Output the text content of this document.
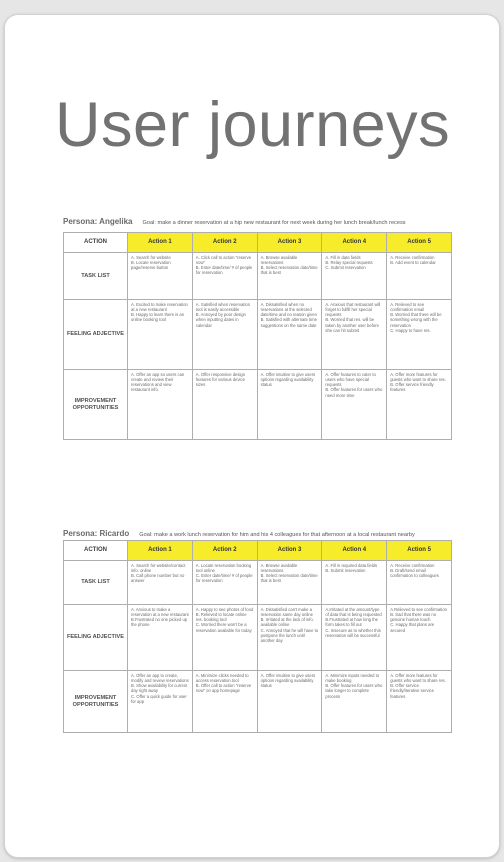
User journeys
Persona: Angelika Goal: make a dinner reservation at a hip new restaurant for next week during her lunch break/lunch recess
ACTION	Action 1	Action 2	Action 3	Action 4	Action 5
TASK LIST	A. Search for website
B. Locate reservation page/reserve button	A. Click call to action "reserve now"
B. Enter date/time/ # of people for reservation	A. Browse available reservations
B. Select reservation date/time that is best	A. Fill in data fields
B. Relay special requests
C. Submit reservation	A. Receive confirmation
B. Add event to calendar

FEELING ADJECTIVE	A. Excited to make reservation at a new restaurant
B. Happy to learn there is an online booking tool	A. Satisfied when reservation tool is easily accessible
B. Annoyed by poor design when inputting dates in calendar	A. Dissatisfied when no reservations at the selected date/time and no reason given
B. Satisfied with alternate time suggestions on the same date	A. Anxious that restaurant will forget to fulfill her special requests
B. Worried that res. will be taken by another user before she can hit submit	A. Relieved to see confirmation email
B. Worried that there will be something wrong with the reservation
C. Happy to have res.

IMPROVEMENT OPPORTUNITIES	A. Offer an app so users can create and review their reservations and view restaurant info.	A. Offer responsive design features for various device sizes	A. Offer intuitive to give users options regarding availability status	A. Offer features to cater to users who have special requests
B. Offer features for users who need more time	A. Offer more features for guests who want to share res.
B. Offer service friendly features
Persona: Ricardo Goal: make a work lunch reservation for him and his 4 colleagues for that afternoon at a local restaurant nearby
ACTION	Action 1	Action 2	Action 3	Action 4	Action 5
TASK LIST	A. Search for website/contact info. online
B. Call phone number but no answer	A. Locate reservation booking tool online
C. Enter date/time/ # of people for reservation	A. Browse available reservations
B. Select reservation date/time that is best	A. Fill in required data fields
B. Submit reservation	A. Receive confirmation
B. Draft/send email confirmation to colleagues

FEELING ADJECTIVE	A. Anxious to make a reservation at a new restaurant
B.Frustrated no one picked up the phone	A. Happy to see photos of food
B. Relieved to locate online res. booking tool
C. Worried there won't be a reservation available for today	A. Dissatisfied can't make a reservation same day online
B. Irritated at the lack of info. available online
C. Annoyed that he will have to postpone the lunch until another day	A.Irritated at the amount/type of data that is being requested
B.Frustrated at how long the form takes to fill out
C. Insecure as to whether this reservation will be successful	A.Relieved to see confirmation
B. Sad that there was no genuine human touch
C. Happy that plans are secured

IMPROVEMENT OPPORTUNITIES	A. Offer an app to create, modify and review reservations
B. Show availability for current day right away
C. Offer a quick guide for user for app	A. Minimize clicks needed to access reservation tool
B. Offer call to action "reserve now" on app homepage	A. Offer intuitive to give users options regarding availability status	A. Minimize inputs needed to make booking
B. Offer features for users who take longer to complete process	A. Offer more features for guests who want to share res.
B. Offer service friendly/iterative service features
